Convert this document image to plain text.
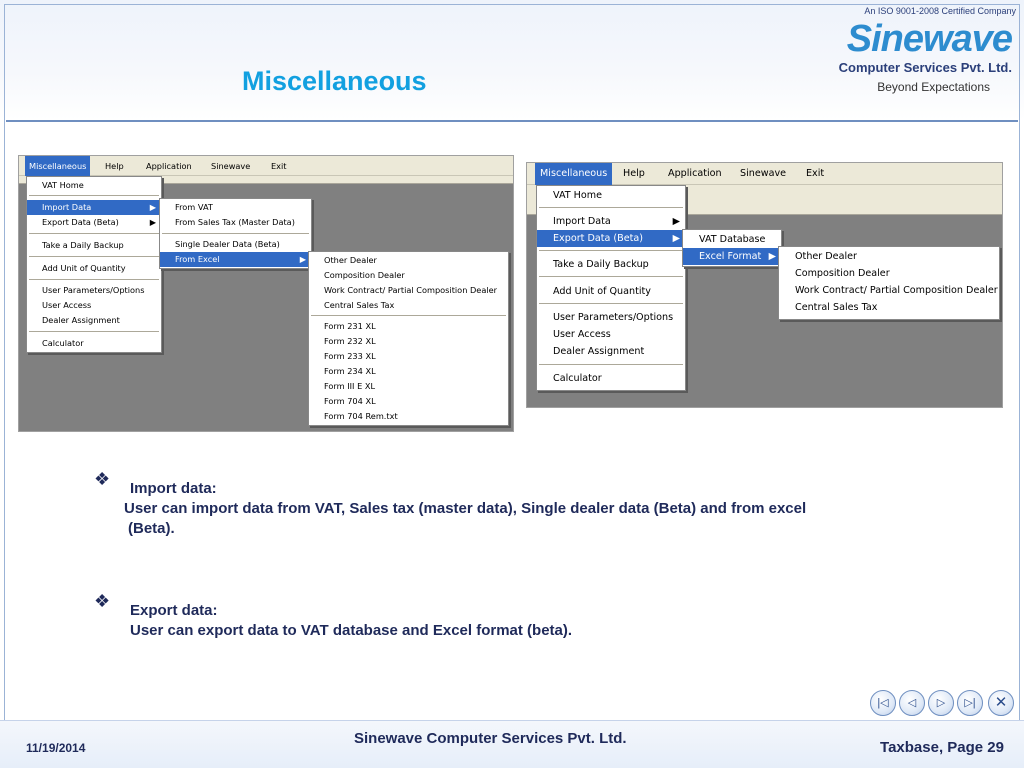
Miscellaneous
An ISO 9001-2008 Certified Company
Sinewave
Computer Services Pvt. Ltd.
Beyond Expectations
Miscellaneous	Help	Application	Sinewave	Exit
VAT Home
Import Data	▶
Export Data (Beta)	▶
Take a Daily Backup
Add Unit of Quantity
User Parameters/Options
User Access
Dealer Assignment
Calculator
From VAT
From Sales Tax (Master Data)
Single Dealer Data (Beta)
From Excel	▶	Other Dealer
Composition Dealer
Work Contract/ Partial Composition Dealer
Central Sales Tax
Form 231 XL
Form 232 XL
Form 233 XL
Form 234 XL
Form III E XL
Form 704 XL
Form 704 Rem.txt
Miscellaneous	Help	Application	Sinewave	Exit
VAT Home
Import Data	▶
Export Data (Beta)	▶
Take a Daily Backup
Add Unit of Quantity
User Parameters/Options
User Access
Dealer Assignment
Calculator
VAT Database
Excel Format ▶	Other Dealer
Composition Dealer
Work Contract/ Partial Composition Dealer
Central Sales Tax
❖ Import data:
User can import data from VAT, Sales tax (master data), Single dealer data (Beta) and from excel
(Beta).
❖ Export data:
User can export data to VAT database and Excel format (beta).
|◁	◁	▷	▷|	✕
11/19/2014
Sinewave Computer Services Pvt. Ltd.
Taxbase, Page 29
